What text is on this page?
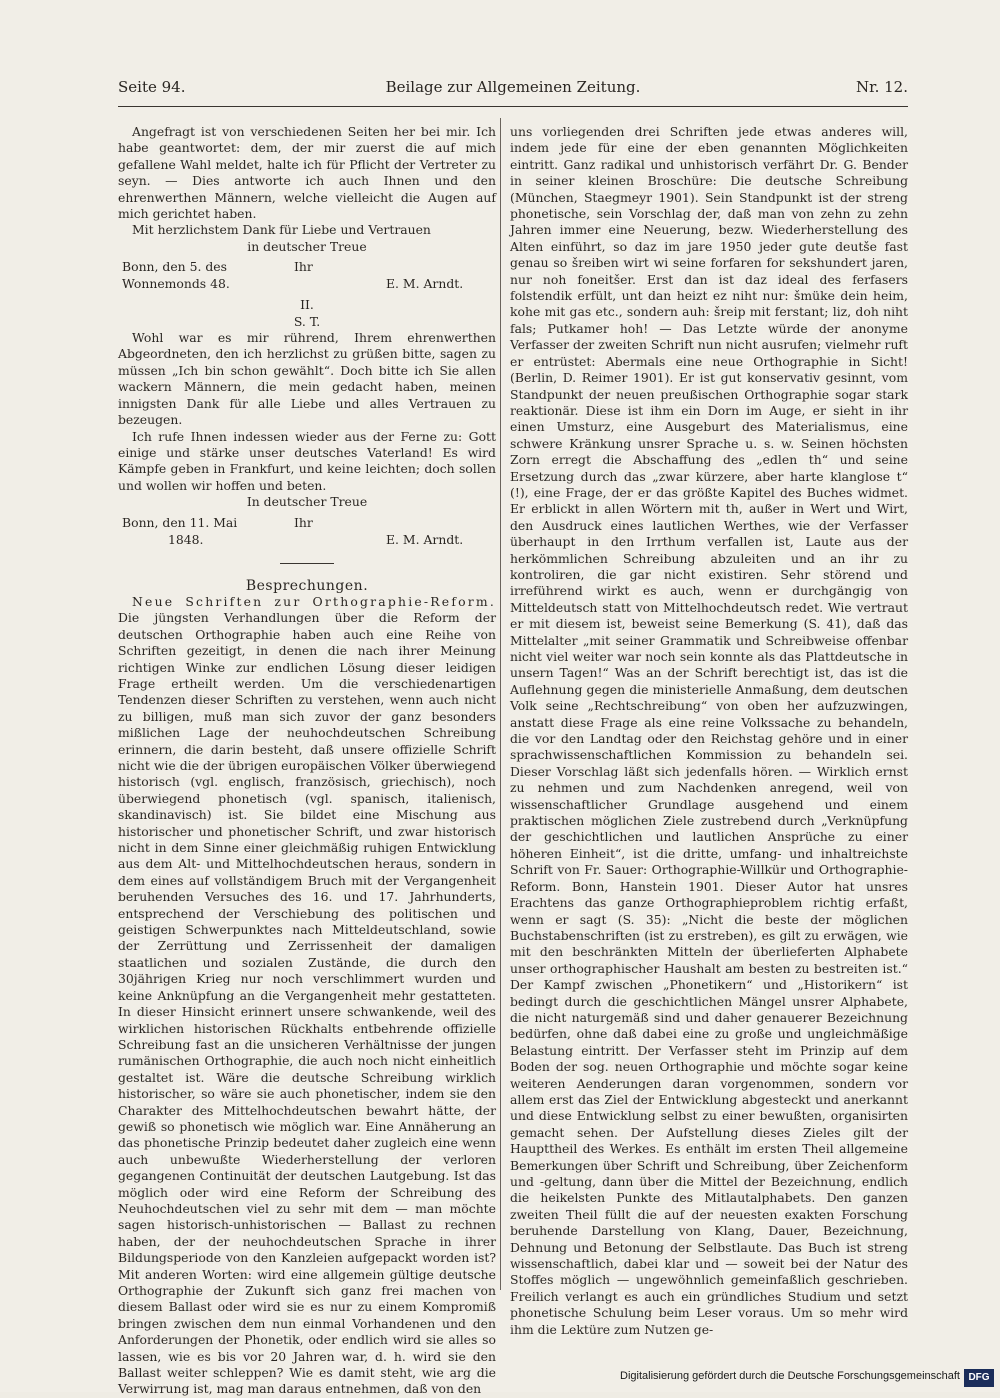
Seite 94.	Beilage zur Allgemeinen Zeitung.	Nr. 12.

Angefragt ist von verschiedenen Seiten her bei mir. Ich habe geantwortet: dem, der mir zuerst die auf mich gefallene Wahl meldet, halte ich für Pflicht der Vertreter zu seyn. — Dies antworte ich auch Ihnen und den ehrenwerthen Männern, welche vielleicht die Augen auf mich gerichtet haben.

Mit herzlichstem Dank für Liebe und Vertrauen

in deutscher Treue

Bonn, den 5. des
Wonnemonds 48.
Ihr
E. M. Arndt.

II.

S. T.

Wohl war es mir rührend, Ihrem ehrenwerthen Abgeordneten, den ich herzlichst zu grüßen bitte, sagen zu müssen „Ich bin schon gewählt“. Doch bitte ich Sie allen wackern Männern, die mein gedacht haben, meinen innigsten Dank für alle Liebe und alles Vertrauen zu bezeugen.

Ich rufe Ihnen indessen wieder aus der Ferne zu: Gott einige und stärke unser deutsches Vaterland! Es wird Kämpfe geben in Frankfurt, und keine leichten; doch sollen und wollen wir hoffen und beten.

In deutscher Treue

Bonn, den 11. Mai
1848.
Ihr
E. M. Arndt.

Besprechungen.

Neue Schriften zur Orthographie-Reform. Die jüngsten Verhandlungen über die Reform der deutschen Orthographie haben auch eine Reihe von Schriften gezeitigt, in denen die nach ihrer Meinung richtigen Winke zur endlichen Lösung dieser leidigen Frage ertheilt werden. Um die verschiedenartigen Tendenzen dieser Schriften zu verstehen, wenn auch nicht zu billigen, muß man sich zuvor der ganz besonders mißlichen Lage der neuhochdeutschen Schreibung erinnern, die darin besteht, daß unsere offizielle Schrift nicht wie die der übrigen europäischen Völker überwiegend historisch (vgl. englisch, französisch, griechisch), noch überwiegend phonetisch (vgl. spanisch, italienisch, skandinavisch) ist. Sie bildet eine Mischung aus historischer und phonetischer Schrift, und zwar historisch nicht in dem Sinne einer gleichmäßig ruhigen Entwicklung aus dem Alt- und Mittelhochdeutschen heraus, sondern in dem eines auf vollständigem Bruch mit der Vergangenheit beruhenden Versuches des 16. und 17. Jahrhunderts, entsprechend der Verschiebung des politischen und geistigen Schwerpunktes nach Mitteldeutschland, sowie der Zerrüttung und Zerrissenheit der damaligen staatlichen und sozialen Zustände, die durch den 30jährigen Krieg nur noch verschlimmert wurden und keine Anknüpfung an die Vergangenheit mehr gestatteten. In dieser Hinsicht erinnert unsere schwankende, weil des wirklichen historischen Rückhalts entbehrende offizielle Schreibung fast an die unsicheren Verhältnisse der jungen rumänischen Orthographie, die auch noch nicht einheitlich gestaltet ist. Wäre die deutsche Schreibung wirklich historischer, so wäre sie auch phonetischer, indem sie den Charakter des Mittelhochdeutschen bewahrt hätte, der gewiß so phonetisch wie möglich war. Eine Annäherung an das phonetische Prinzip bedeutet daher zugleich eine wenn auch unbewußte Wiederherstellung der verloren gegangenen Continuität der deutschen Lautgebung. Ist das möglich oder wird eine Reform der Schreibung des Neuhochdeutschen viel zu sehr mit dem — man möchte sagen historisch-unhistorischen — Ballast zu rechnen haben, der der neuhochdeutschen Sprache in ihrer Bildungsperiode von den Kanzleien aufgepackt worden ist? Mit anderen Worten: wird eine allgemein gültige deutsche Orthographie der Zukunft sich ganz frei machen von diesem Ballast oder wird sie es nur zu einem Kompromiß bringen zwischen dem nun einmal Vorhandenen und den Anforderungen der Phonetik, oder endlich wird sie alles so lassen, wie es bis vor 20 Jahren war, d. h. wird sie den Ballast weiter schleppen? Wie es damit steht, wie arg die Verwirrung ist, mag man daraus entnehmen, daß von den

uns vorliegenden drei Schriften jede etwas anderes will, indem jede für eine der eben genannten Möglichkeiten eintritt. Ganz radikal und unhistorisch verfährt Dr. G. Bender in seiner kleinen Broschüre: Die deutsche Schreibung (München, Staegmeyr 1901). Sein Standpunkt ist der streng phonetische, sein Vorschlag der, daß man von zehn zu zehn Jahren immer eine Neuerung, bezw. Wiederherstellung des Alten einführt, so daz im jare 1950 jeder gute deutše fast genau so šreiben wirt wi seine forfaren for sekshundert jaren, nur noh foneitšer. Erst dan ist daz ideal des ferfasers folstendik erfült, unt dan heizt ez niht nur: šmüke dein heim, kohe mit gas etc., sondern auh: šreip mit ferstant; liz, doh niht fals; Putkamer hoh! — Das Letzte würde der anonyme Verfasser der zweiten Schrift nun nicht ausrufen; vielmehr ruft er entrüstet: Abermals eine neue Orthographie in Sicht! (Berlin, D. Reimer 1901). Er ist gut konservativ gesinnt, vom Standpunkt der neuen preußischen Orthographie sogar stark reaktionär. Diese ist ihm ein Dorn im Auge, er sieht in ihr einen Umsturz, eine Ausgeburt des Materialismus, eine schwere Kränkung unsrer Sprache u. s. w. Seinen höchsten Zorn erregt die Abschaffung des „edlen th“ und seine Ersetzung durch das „zwar kürzere, aber harte klanglose t“ (!), eine Frage, der er das größte Kapitel des Buches widmet. Er erblickt in allen Wörtern mit th, außer in Wert und Wirt, den Ausdruck eines lautlichen Werthes, wie der Verfasser überhaupt in den Irrthum verfallen ist, Laute aus der herkömmlichen Schreibung abzuleiten und an ihr zu kontroliren, die gar nicht existiren. Sehr störend und irreführend wirkt es auch, wenn er durchgängig von Mitteldeutsch statt von Mittelhochdeutsch redet. Wie vertraut er mit diesem ist, beweist seine Bemerkung (S. 41), daß das Mittelalter „mit seiner Grammatik und Schreibweise offenbar nicht viel weiter war noch sein konnte als das Plattdeutsche in unsern Tagen!“ Was an der Schrift berechtigt ist, das ist die Auflehnung gegen die ministerielle Anmaßung, dem deutschen Volk seine „Rechtschreibung“ von oben her aufzuzwingen, anstatt diese Frage als eine reine Volkssache zu behandeln, die vor den Landtag oder den Reichstag gehöre und in einer sprachwissenschaftlichen Kommission zu behandeln sei. Dieser Vorschlag läßt sich jedenfalls hören. — Wirklich ernst zu nehmen und zum Nachdenken anregend, weil von wissenschaftlicher Grundlage ausgehend und einem praktischen möglichen Ziele zustrebend durch „Verknüpfung der geschichtlichen und lautlichen Ansprüche zu einer höheren Einheit“, ist die dritte, umfang- und inhaltreichste Schrift von Fr. Sauer: Orthographie-Willkür und Orthographie-Reform. Bonn, Hanstein 1901. Dieser Autor hat unsres Erachtens das ganze Orthographieproblem richtig erfaßt, wenn er sagt (S. 35): „Nicht die beste der möglichen Buchstabenschriften (ist zu erstreben), es gilt zu erwägen, wie mit den beschränkten Mitteln der überlieferten Alphabete unser orthographischer Haushalt am besten zu bestreiten ist.“ Der Kampf zwischen „Phonetikern“ und „Historikern“ ist bedingt durch die geschichtlichen Mängel unsrer Alphabete, die nicht naturgemäß sind und daher genauerer Bezeichnung bedürfen, ohne daß dabei eine zu große und ungleichmäßige Belastung eintritt. Der Verfasser steht im Prinzip auf dem Boden der sog. neuen Orthographie und möchte sogar keine weiteren Aenderungen daran vorgenommen, sondern vor allem erst das Ziel der Entwicklung abgesteckt und anerkannt und diese Entwicklung selbst zu einer bewußten, organisirten gemacht sehen. Der Aufstellung dieses Zieles gilt der Haupttheil des Werkes. Es enthält im ersten Theil allgemeine Bemerkungen über Schrift und Schreibung, über Zeichenform und -geltung, dann über die Mittel der Bezeichnung, endlich die heikelsten Punkte des Mitlautalphabets. Den ganzen zweiten Theil füllt die auf der neuesten exakten Forschung beruhende Darstellung von Klang, Dauer, Bezeichnung, Dehnung und Betonung der Selbstlaute. Das Buch ist streng wissenschaftlich, dabei klar und — soweit bei der Natur des Stoffes möglich — ungewöhnlich gemeinfaßlich geschrieben. Freilich verlangt es auch ein gründliches Studium und setzt phonetische Schulung beim Leser voraus. Um so mehr wird ihm die Lektüre zum Nutzen ge-

Digitalisierung gefördert durch die Deutsche Forschungsgemeinschaft DFG
